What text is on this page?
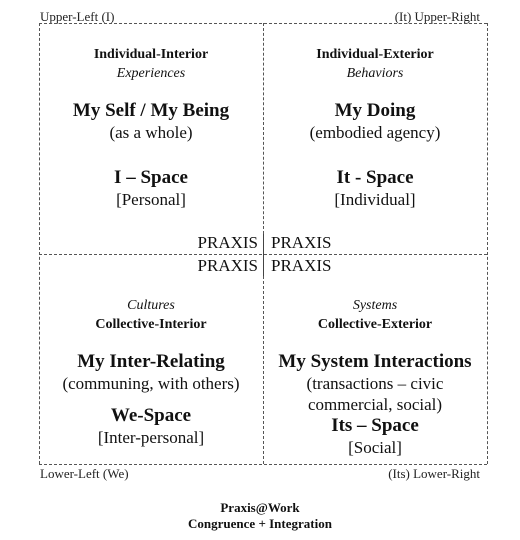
Upper-Left (I)	(It) Upper-Right
Lower-Left (We)	(Its) Lower-Right
Individual-Interior
Experiences
My Self / My Being
(as a whole)
I – Space
[Personal]
Individual-Exterior
Behaviors
My Doing
(embodied agency)
It - Space
[Individual]
PRAXIS PRAXIS
PRAXIS PRAXIS
Cultures
Collective-Interior
My Inter-Relating
(communing, with others)
We-Space
[Inter-personal]
Systems
Collective-Exterior
My System Interactions
(transactions – civic
commercial, social)
Its – Space
[Social]
Praxis@Work
Congruence + Integration
